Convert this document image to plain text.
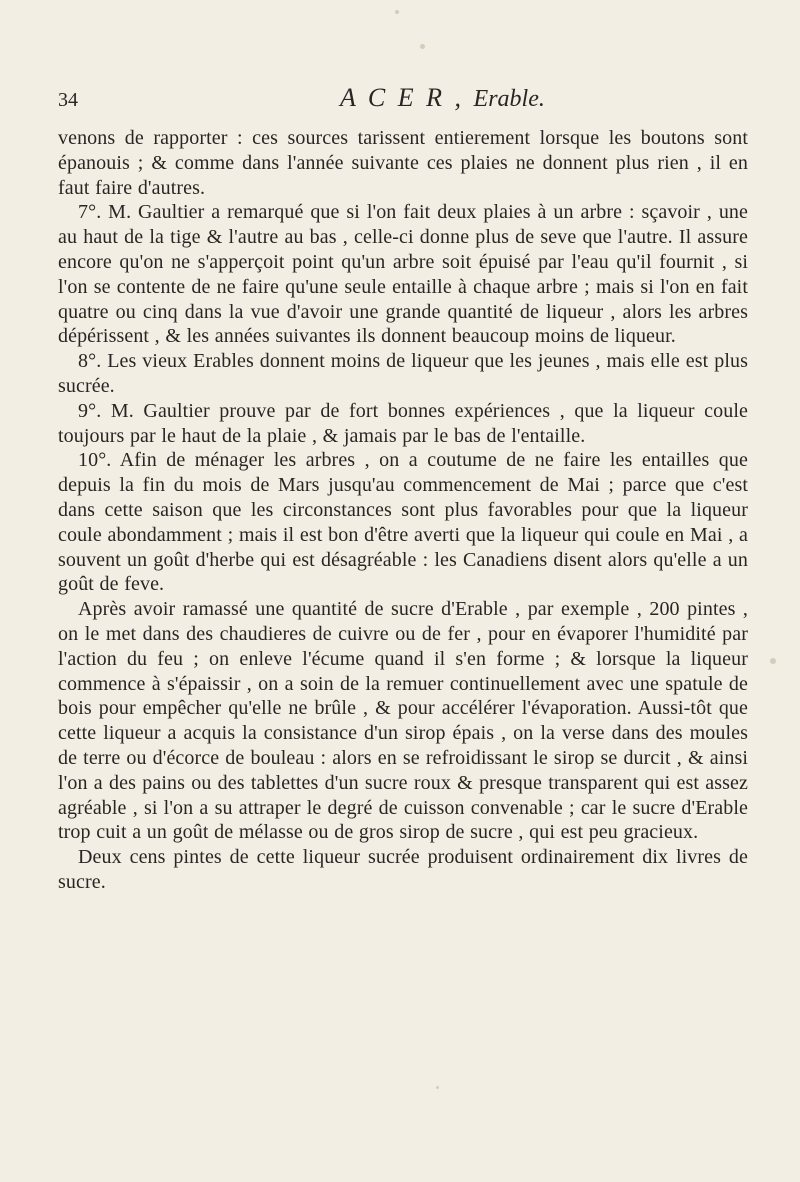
34	A C E R , Erable.

venons de rapporter : ces sources tarissent entierement lorsque les boutons sont épanouis ; & comme dans l'année suivante ces plaies ne donnent plus rien , il en faut faire d'autres.

7°. M. Gaultier a remarqué que si l'on fait deux plaies à un arbre : sçavoir , une au haut de la tige & l'autre au bas , celle-ci donne plus de seve que l'autre. Il assure encore qu'on ne s'apperçoit point qu'un arbre soit épuisé par l'eau qu'il fournit , si l'on se contente de ne faire qu'une seule entaille à chaque arbre ; mais si l'on en fait quatre ou cinq dans la vue d'avoir une grande quantité de liqueur , alors les arbres dépérissent , & les années suivantes ils donnent beaucoup moins de liqueur.

8°. Les vieux Erables donnent moins de liqueur que les jeunes , mais elle est plus sucrée.

9°. M. Gaultier prouve par de fort bonnes expériences , que la liqueur coule toujours par le haut de la plaie , & jamais par le bas de l'entaille.

10°. Afin de ménager les arbres , on a coutume de ne faire les entailles que depuis la fin du mois de Mars jusqu'au commencement de Mai ; parce que c'est dans cette saison que les circonstances sont plus favorables pour que la liqueur coule abondamment ; mais il est bon d'être averti que la liqueur qui coule en Mai , a souvent un goût d'herbe qui est désagréable : les Canadiens disent alors qu'elle a un goût de feve.

Après avoir ramassé une quantité de sucre d'Erable , par exemple , 200 pintes , on le met dans des chaudieres de cuivre ou de fer , pour en évaporer l'humidité par l'action du feu ; on enleve l'écume quand il s'en forme ; & lorsque la liqueur commence à s'épaissir , on a soin de la remuer continuellement avec une spatule de bois pour empêcher qu'elle ne brûle , & pour accélérer l'évaporation. Aussi-tôt que cette liqueur a acquis la consistance d'un sirop épais , on la verse dans des moules de terre ou d'écorce de bouleau : alors en se refroidissant le sirop se durcit , & ainsi l'on a des pains ou des tablettes d'un sucre roux & presque transparent qui est assez agréable , si l'on a su attraper le degré de cuisson convenable ; car le sucre d'Erable trop cuit a un goût de mélasse ou de gros sirop de sucre , qui est peu gracieux.

Deux cens pintes de cette liqueur sucrée produisent ordinairement dix livres de sucre.
